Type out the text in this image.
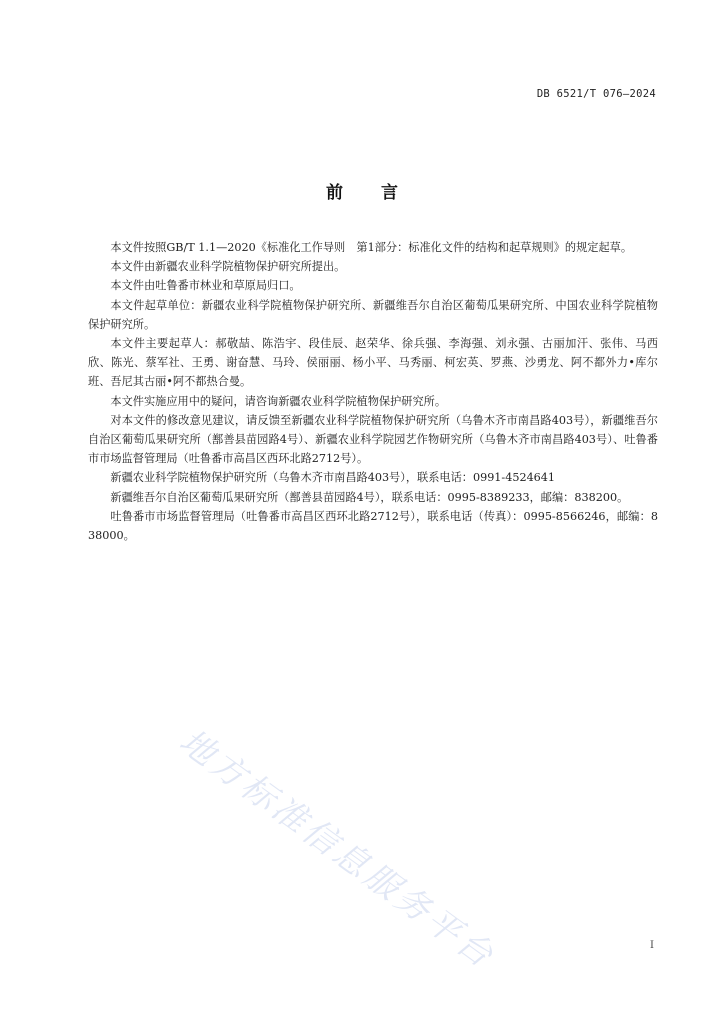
DB 6521/T 076—2024
前言

本文件按照GB/T 1.1—2020《标准化工作导则　第1部分：标准化文件的结构和起草规则》的规定起草。

本文件由新疆农业科学院植物保护研究所提出。

本文件由吐鲁番市林业和草原局归口。

本文件起草单位：新疆农业科学院植物保护研究所、新疆维吾尔自治区葡萄瓜果研究所、中国农业科学院植物保护研究所。

本文件主要起草人：郝敬喆、陈浩宇、段佳辰、赵荣华、徐兵强、李海强、刘永强、古丽加汗、张伟、马西欣、陈光、蔡军社、王勇、谢奋慧、马玲、侯丽丽、杨小平、马秀丽、柯宏英、罗燕、沙勇龙、阿不都外力•库尔班、吾尼其古丽•阿不都热合曼。

本文件实施应用中的疑问，请咨询新疆农业科学院植物保护研究所。

对本文件的修改意见建议，请反馈至新疆农业科学院植物保护研究所（乌鲁木齐市南昌路403号），新疆维吾尔自治区葡萄瓜果研究所（鄯善县苗园路4号）、新疆农业科学院园艺作物研究所（乌鲁木齐市南昌路403号）、吐鲁番市市场监督管理局（吐鲁番市高昌区西环北路2712号）。

新疆农业科学院植物保护研究所（乌鲁木齐市南昌路403号），联系电话：0991-4524641

新疆维吾尔自治区葡萄瓜果研究所（鄯善县苗园路4号），联系电话：0995-8389233，邮编：838200。

吐鲁番市市场监督管理局（吐鲁番市高昌区西环北路2712号），联系电话（传真）：0995-8566246，邮编：838000。

地方标准信息服务平台	I
